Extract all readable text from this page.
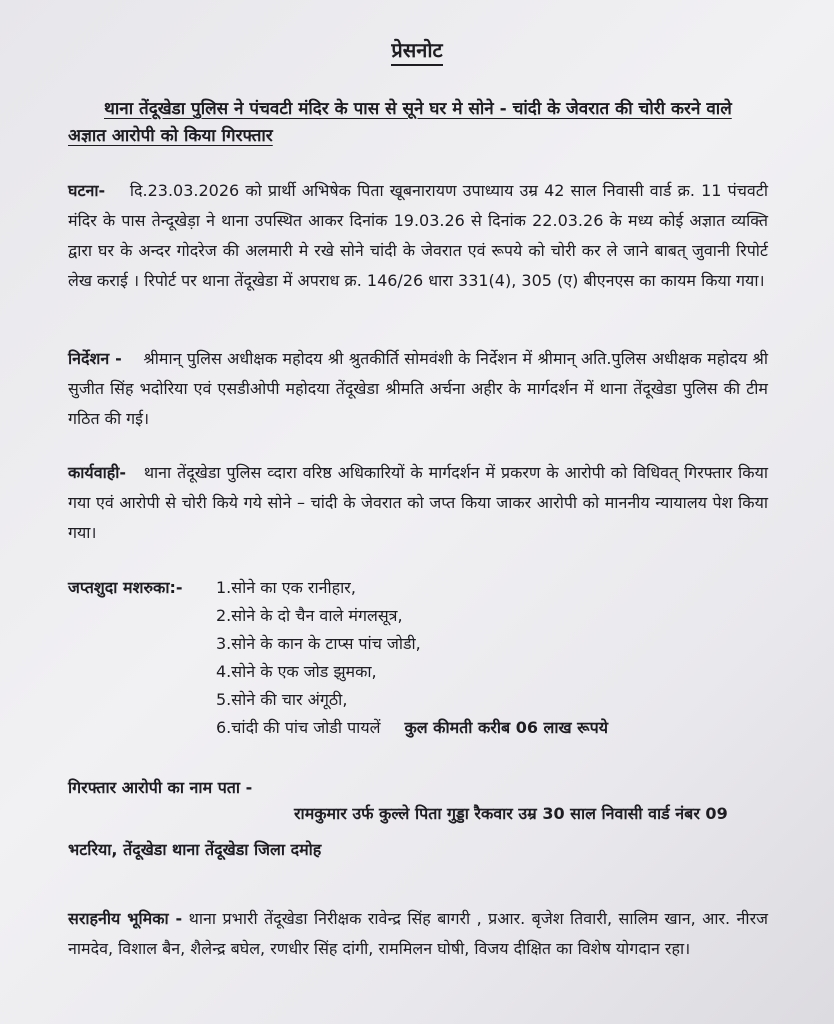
प्रेसनोट
थाना तेंदूखेडा पुलिस ने पंचवटी मंदिर के पास से सूने घर मे सोने - चांदी के जेवरात की चोरी करने वाले अज्ञात आरोपी को किया गिरफ्तार
घटना- दि.23.03.2026 को प्रार्थी अभिषेक पिता खूबनारायण उपाध्याय उम्र 42 साल निवासी वार्ड क्र. 11 पंचवटी मंदिर के पास तेन्दूखेड़ा ने थाना उपस्थित आकर दिनांक 19.03.26 से दिनांक 22.03.26 के मध्य कोई अज्ञात व्यक्ति द्वारा घर के अन्दर गोदरेज की अलमारी मे रखे सोने चांदी के जेवरात एवं रूपये को चोरी कर ले जाने बाबत् जुवानी रिपोर्ट लेख कराई । रिपोर्ट पर थाना तेंदूखेडा में अपराध क्र. 146/26 धारा 331(4), 305 (ए) बीएनएस का कायम किया गया।
निर्देशन - श्रीमान् पुलिस अधीक्षक महोदय श्री श्रुतकीर्ति सोमवंशी के निर्देशन में श्रीमान् अति.पुलिस अधीक्षक महोदय श्री सुजीत सिंह भदोरिया एवं एसडीओपी महोदया तेंदूखेडा श्रीमति अर्चना अहीर के मार्गदर्शन में थाना तेंदूखेडा पुलिस की टीम गठित की गई।
कार्यवाही- थाना तेंदूखेडा पुलिस व्दारा वरिष्ठ अधिकारियों के मार्गदर्शन में प्रकरण के आरोपी को विधिवत् गिरफ्तार किया गया एवं आरोपी से चोरी किये गये सोने – चांदी के जेवरात को जप्त किया जाकर आरोपी को माननीय न्यायालय पेश किया गया।
जप्तशुदा मशरुका:- 1.सोने का एक रानीहार,
2.सोने के दो चैन वाले मंगलसूत्र,
3.सोने के कान के टाप्स पांच जोडी,
4.सोने के एक जोड झुमका,
5.सोने की चार अंगूठी,
6.चांदी की पांच जोडी पायलें कुल कीमती करीब 06 लाख रूपये
गिरफ्तार आरोपी का नाम पता -
रामकुमार उर्फ कुल्ले पिता गुड्डा रैकवार उम्र 30 साल निवासी वार्ड नंबर 09 भटरिया, तेंदूखेडा थाना तेंदूखेडा जिला दमोह
सराहनीय भूमिका - थाना प्रभारी तेंदूखेडा निरीक्षक रावेन्द्र सिंह बागरी , प्रआर. बृजेश तिवारी, सालिम खान, आर. नीरज नामदेव, विशाल बैन, शैलेन्द्र बघेल, रणधीर सिंह दांगी, राममिलन घोषी, विजय दीक्षित का विशेष योगदान रहा।
